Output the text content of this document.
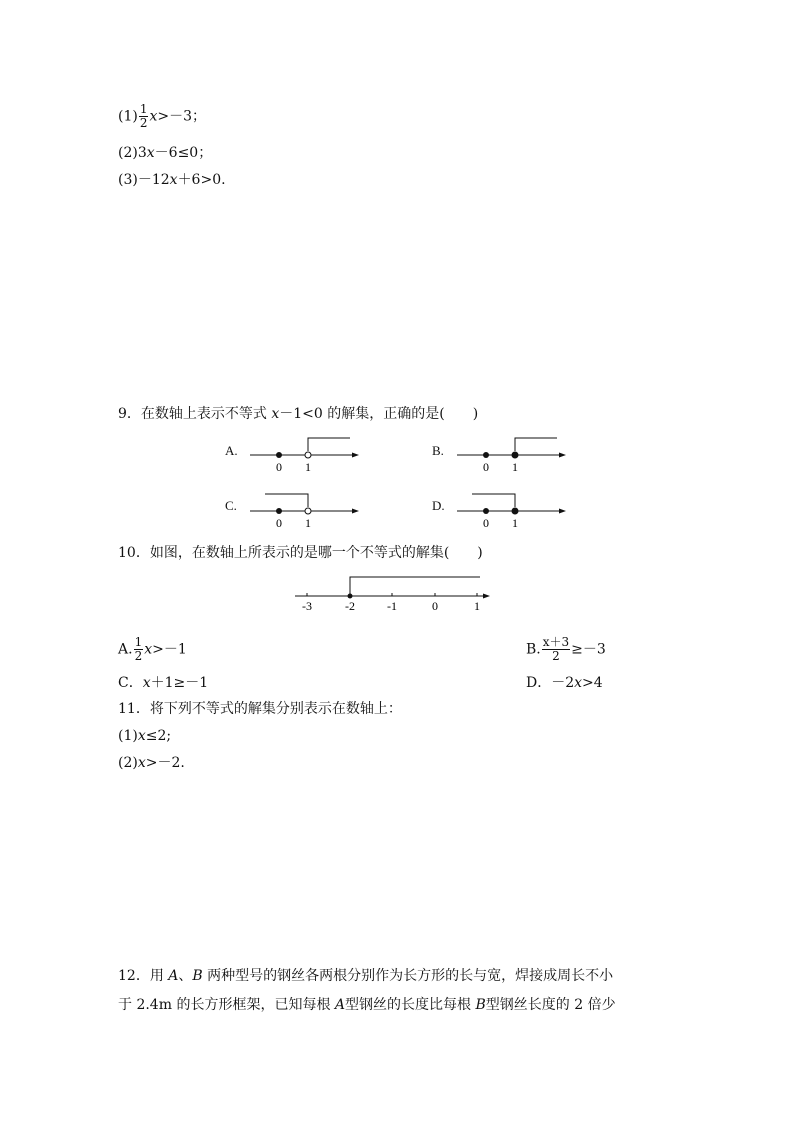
$(1) \frac{1}{2} x>-3$；
(2)3x－6≤0；
(3)－12x＋6>0.
9．在数轴上表示不等式 x－1<0 的解集，正确的是(　　)
A.
0 1
B.
0 1
C.
0 1
D.
0 1
10．如图，在数轴上所表示的是哪一个不等式的解集(　　)
-3	-2	-1	0	1
A. $\frac{1}{2} x>-1$	B. $\frac{x+3}{2} \ge-3$
C．x＋1≥－1	D．－2x>4
11．将下列不等式的解集分别表示在数轴上：
(1)x≤2;
(2)x>－2.
12．用 A、B 两种型号的钢丝各两根分别作为长方形的长与宽，焊接成周长不小
于 2.4m 的长方形框架，已知每根 A型钢丝的长度比每根 B型钢丝长度的 2 倍少
